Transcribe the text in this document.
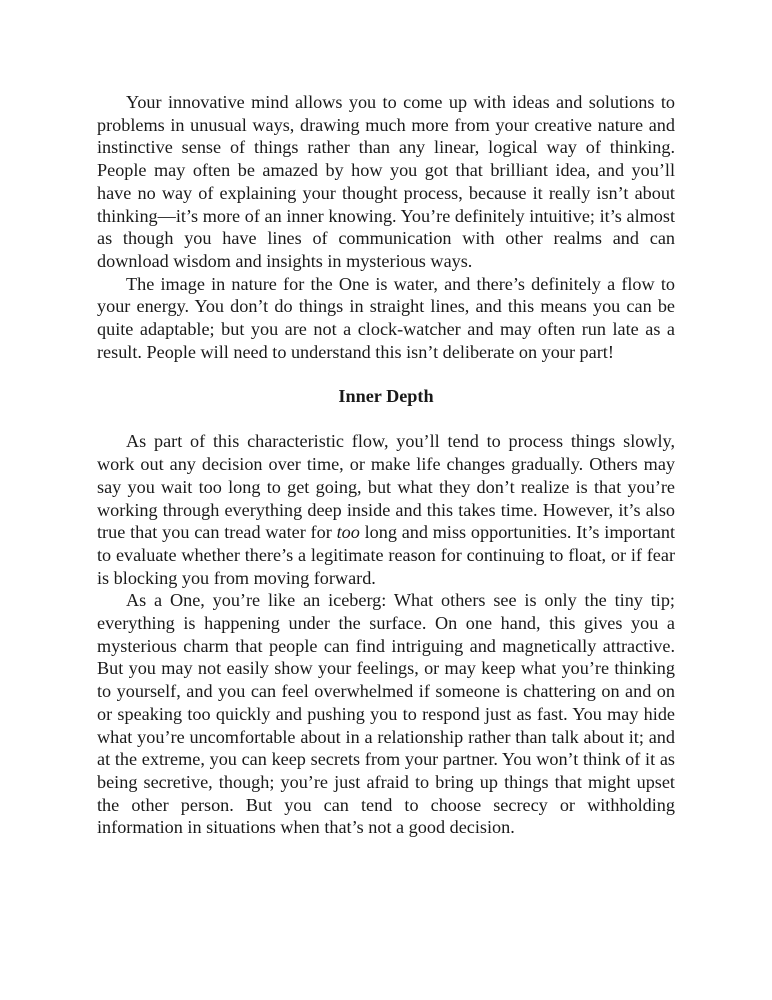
Your innovative mind allows you to come up with ideas and solutions to problems in unusual ways, drawing much more from your creative nature and instinctive sense of things rather than any linear, logical way of thinking. People may often be amazed by how you got that brilliant idea, and you’ll have no way of explaining your thought process, because it really isn’t about thinking—it’s more of an inner knowing. You’re definitely intuitive; it’s almost as though you have lines of communication with other realms and can download wisdom and insights in mysterious ways.

The image in nature for the One is water, and there’s definitely a flow to your energy. You don’t do things in straight lines, and this means you can be quite adaptable; but you are not a clock-watcher and may often run late as a result. People will need to understand this isn’t deliberate on your part!

Inner Depth

As part of this characteristic flow, you’ll tend to process things slowly, work out any decision over time, or make life changes gradually. Others may say you wait too long to get going, but what they don’t realize is that you’re working through everything deep inside and this takes time. However, it’s also true that you can tread water for too long and miss opportunities. It’s important to evaluate whether there’s a legitimate reason for continuing to float, or if fear is blocking you from moving forward.

As a One, you’re like an iceberg: What others see is only the tiny tip; everything is happening under the surface. On one hand, this gives you a mysterious charm that people can find intriguing and magnetically attractive. But you may not easily show your feelings, or may keep what you’re thinking to yourself, and you can feel overwhelmed if someone is chattering on and on or speaking too quickly and pushing you to respond just as fast. You may hide what you’re uncomfortable about in a relationship rather than talk about it; and at the extreme, you can keep secrets from your partner. You won’t think of it as being secretive, though; you’re just afraid to bring up things that might upset the other person. But you can tend to choose secrecy or withholding information in situations when that’s not a good decision.
